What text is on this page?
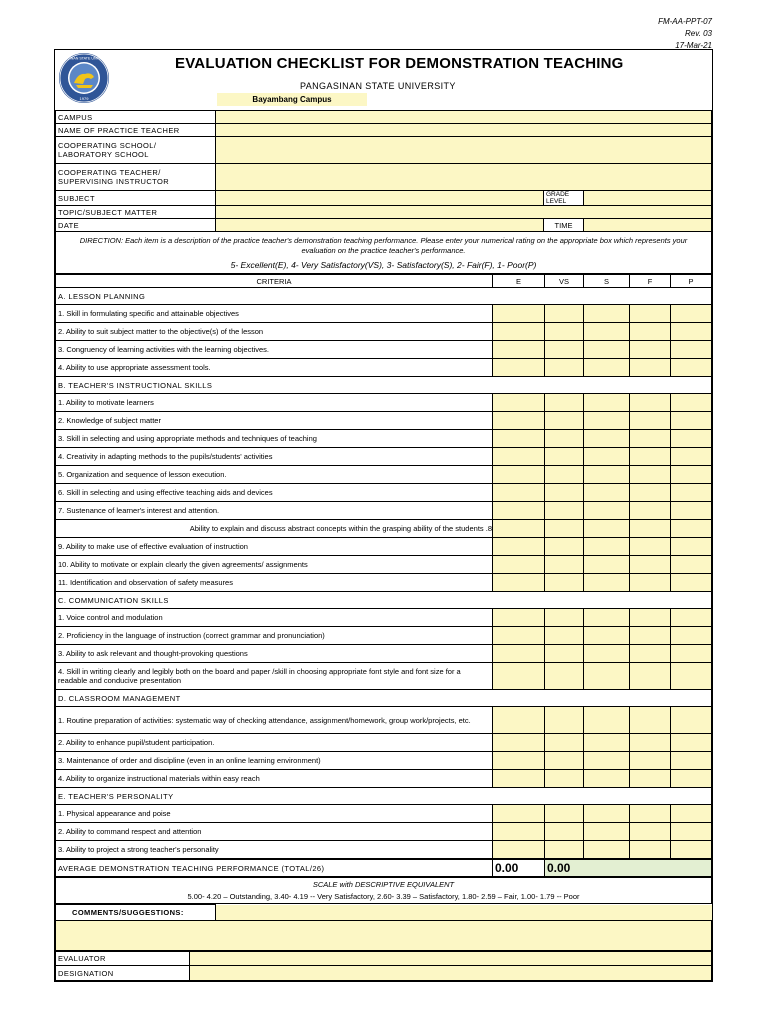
FM-AA-PPT-07
Rev. 03
17-Mar-21
PANGASINAN STATE UNIVERSITY
1979
EVALUATION CHECKLIST FOR DEMONSTRATION TEACHING
PANGASINAN STATE UNIVERSITY
Bayambang Campus
CAMPUS			
NAME OF PRACTICE TEACHER			
COOPERATING SCHOOL/ LABORATORY SCHOOL			
COOPERATING TEACHER/ SUPERVISING INSTRUCTOR			
SUBJECT		GRADE LEVEL	
TOPIC/SUBJECT MATTER			
DATE		TIME	

DIRECTION: Each item is a description of the practice teacher's demonstration teaching performance. Please enter your numerical rating on the appropriate box which represents your evaluation on the practice teacher's performance.
5- Excellent(E), 4- Very Satisfactory(VS), 3- Satisfactory(S), 2- Fair(F), 1- Poor(P)			
CRITERIA	E	VS	S	F	P
A. LESSON PLANNING					
1. Skill in formulating specific and attainable objectives					
2. Ability to suit subject matter to the objective(s) of the lesson					
3. Congruency of learning activities with the learning objectives.					
4. Ability to use appropriate assessment tools.					
B. TEACHER'S INSTRUCTIONAL SKILLS					
1. Ability to motivate learners					
2. Knowledge of subject matter					
3. Skill in selecting and using appropriate methods and techniques of teaching					
4. Creativity in adapting methods to the pupils/students' activities					
5. Organization and sequence of lesson execution.					
6. Skill in selecting and using effective teaching aids and devices					
7. Sustenance of learner's interest and attention.					
Ability to explain and discuss abstract concepts within the grasping ability of the students .8					
9. Ability to make use of effective evaluation of instruction					
10. Ability to motivate or explain clearly the given agreements/ assignments					
11. Identification and observation of safety measures					
C. COMMUNICATION SKILLS					
1. Voice control and modulation					
2. Proficiency in the language of instruction (correct grammar and pronunciation)					
3. Ability to ask relevant and thought-provoking questions					
4. Skill in writing clearly and legibly both on the board and paper /skill in choosing appropriate font style and font size for a readable and conducive presentation					
D. CLASSROOM MANAGEMENT					
1. Routine preparation of activities: systematic way of checking attendance, assignment/homework, group work/projects, etc.					
2. Ability to enhance pupil/student participation.					
3. Maintenance of order and discipline (even in an online learning environment)					
4. Ability to organize instructional materials within easy reach					
E. TEACHER'S PERSONALITY					
1. Physical appearance and poise					
2. Ability to command respect and attention					
3. Ability to project a strong teacher's personality					
AVERAGE DEMONSTRATION TEACHING PERFORMANCE (TOTAL/26)	0.00	0.00
SCALE with DESCRIPTIVE EQUIVALENT
5.00- 4.20 – Outstanding, 3.40- 4.19 -- Very Satisfactory, 2.60- 3.39 – Satisfactory, 1.80- 2.59 – Fair, 1.00- 1.79 -- Poor
COMMENTS/SUGGESTIONS:	

EVALUATOR	
DESIGNATION	
